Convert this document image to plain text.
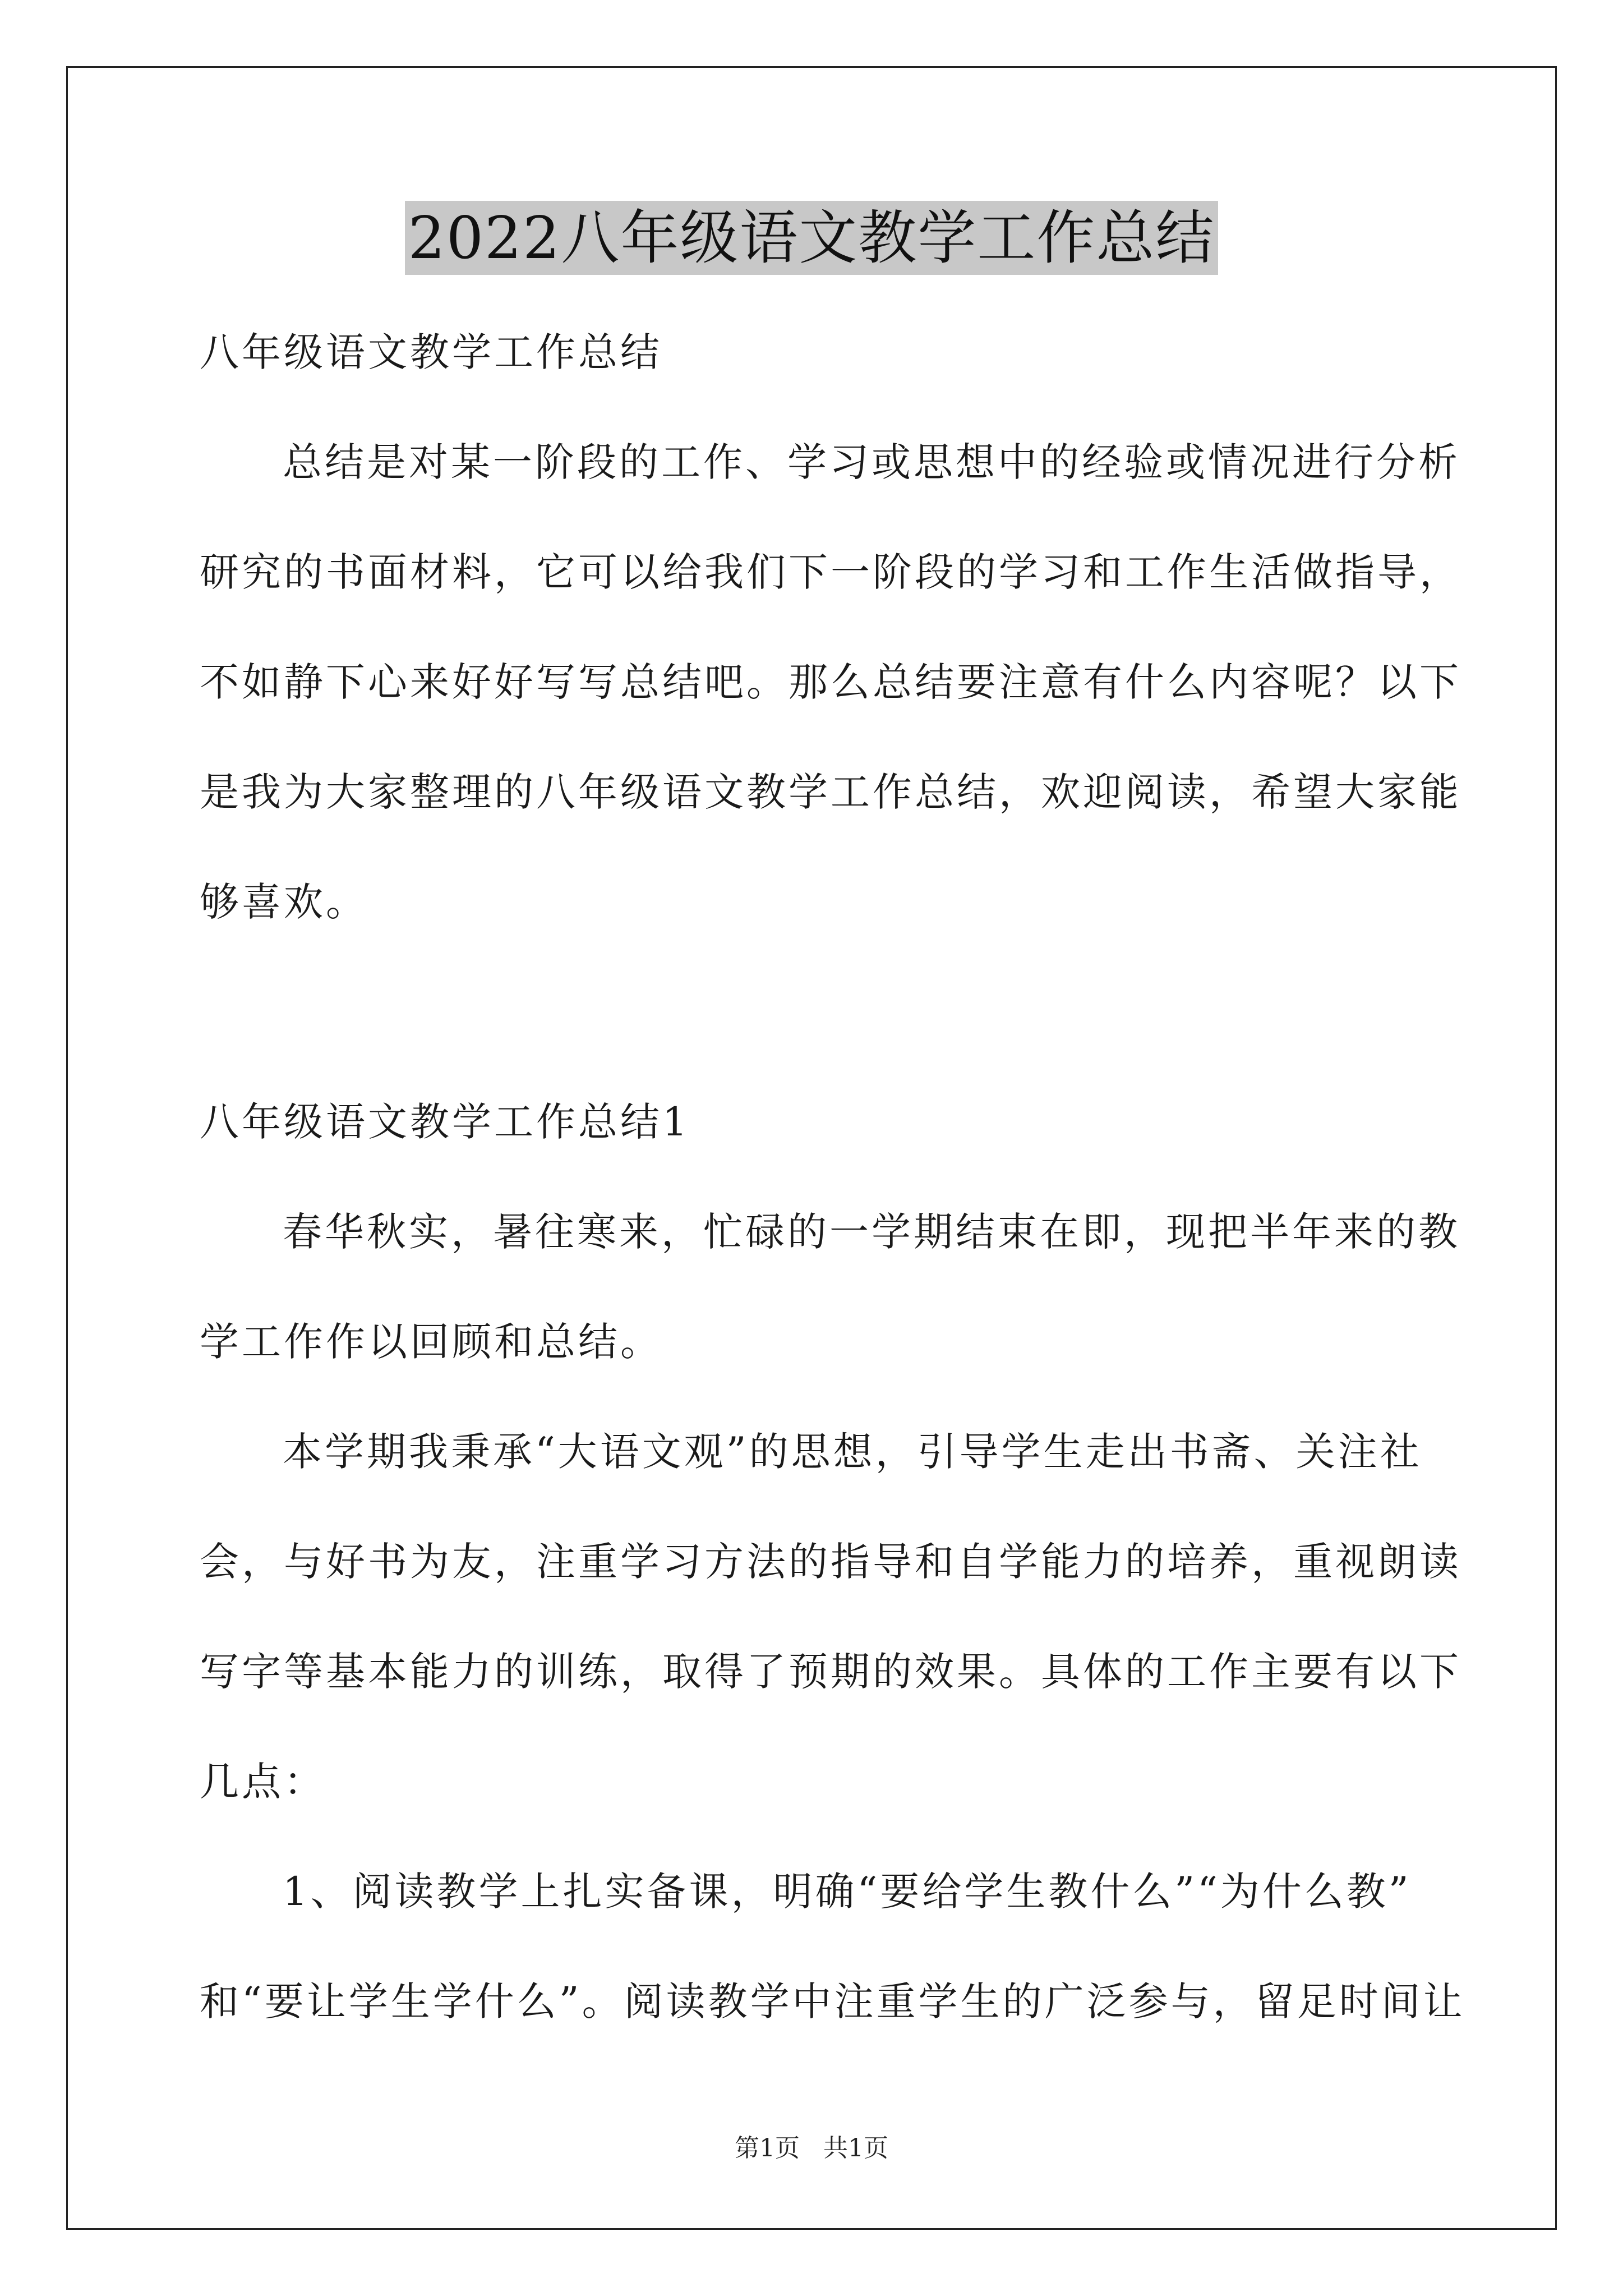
2022八年级语文教学工作总结
八年级语文教学工作总结
总结是对某一阶段的工作、学习或思想中的经验或情况进行分析
研究的书面材料，它可以给我们下一阶段的学习和工作生活做指导，
不如静下心来好好写写总结吧。那么总结要注意有什么内容呢？以下
是我为大家整理的八年级语文教学工作总结，欢迎阅读，希望大家能
够喜欢。
八年级语文教学工作总结1
春华秋实，暑往寒来，忙碌的一学期结束在即，现把半年来的教
学工作作以回顾和总结。
本学期我秉承“大语文观”的思想，引导学生走出书斋、关注社
会，与好书为友，注重学习方法的指导和自学能力的培养，重视朗读
写字等基本能力的训练，取得了预期的效果。具体的工作主要有以下
几点：
1、阅读教学上扎实备课，明确“要给学生教什么”“为什么教”
和“要让学生学什么”。阅读教学中注重学生的广泛参与，留足时间让
第1页 共1页
